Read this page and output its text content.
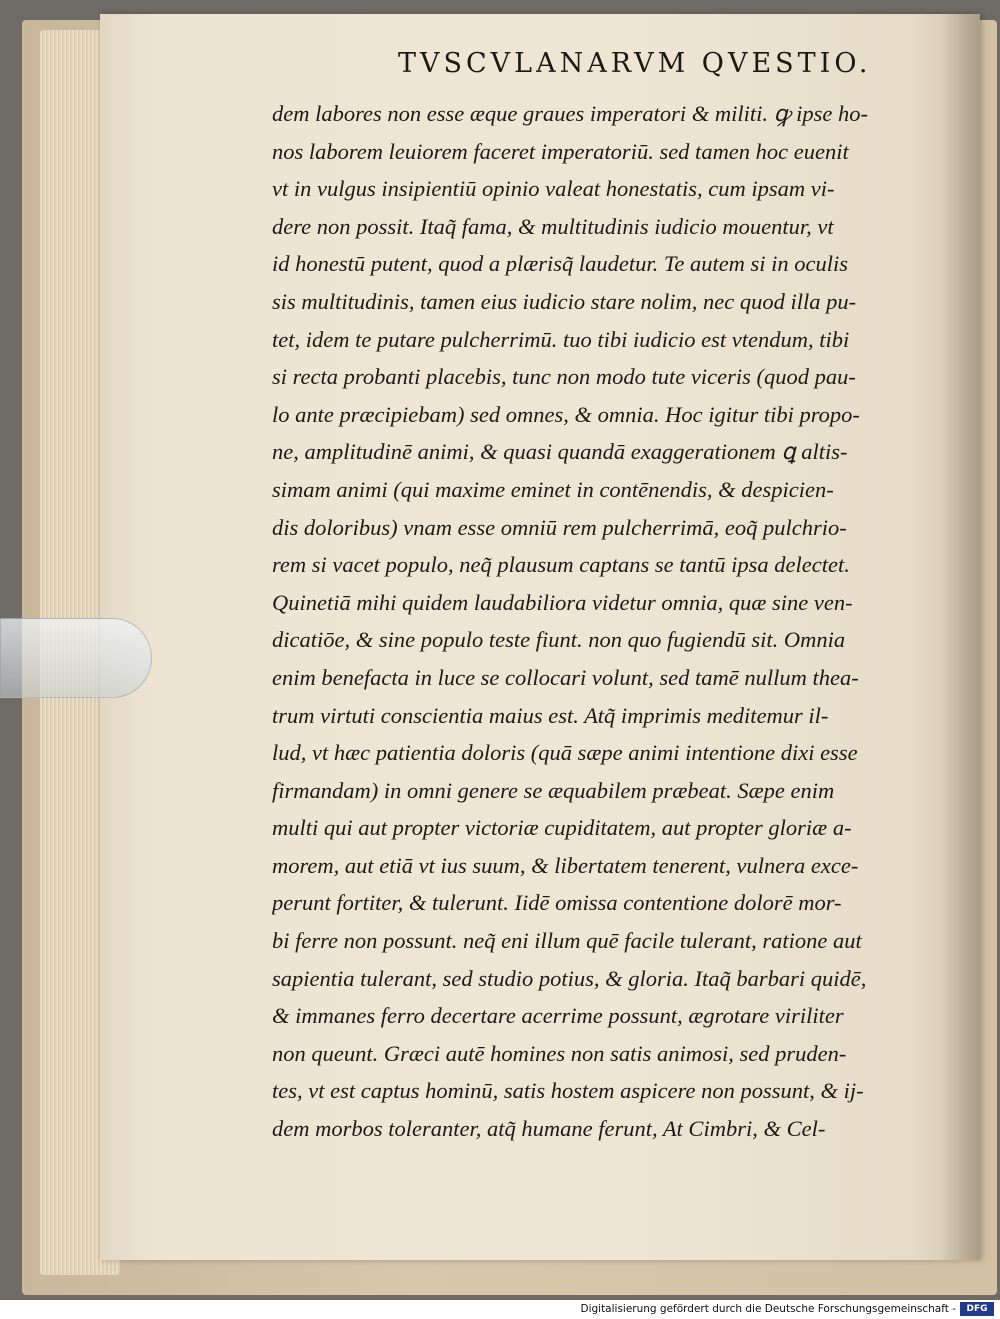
TVSCVLANARVM QVESTIO.
dem labores non esse æque graues imperatori & militi. ꝙ ipse ho-
nos laborem leuiorem faceret imperatoriū. sed tamen hoc euenit
vt in vulgus insipientiū opinio valeat honestatis, cum ipsam vi-
dere non possit. Itaq̃ fama, & multitudinis iudicio mouentur, vt
id honestū putent, quod a plærisq̃ laudetur. Te autem si in oculis
sis multitudinis, tamen eius iudicio stare nolim, nec quod illa pu-
tet, idem te putare pulcherrimū. tuo tibi iudicio est vtendum, tibi
si recta probanti placebis, tunc non modo tute viceris (quod pau-
lo ante præcipiebam) sed omnes, & omnia. Hoc igitur tibi propo-
ne, amplitudinē animi, & quasi quandā exaggerationem ꝗ altis-
simam animi (qui maxime eminet in contēnendis, & despicien-
dis doloribus) vnam esse omniū rem pulcherrimā, eoq̃ pulchrio-
rem si vacet populo, neq̃ plausum captans se tantū ipsa delectet.
Quinetiā mihi quidem laudabiliora videtur omnia, quæ sine ven-
dicatiōe, & sine populo teste fiunt. non quo fugiendū sit. Omnia
enim benefacta in luce se collocari volunt, sed tamē nullum thea-
trum virtuti conscientia maius est. Atq̃ imprimis meditemur il-
lud, vt hæc patientia doloris (quā sæpe animi intentione dixi esse
firmandam) in omni genere se æquabilem præbeat. Sæpe enim
multi qui aut propter victoriæ cupiditatem, aut propter gloriæ a-
morem, aut etiā vt ius suum, & libertatem tenerent, vulnera exce-
perunt fortiter, & tulerunt. Iidē omissa contentione dolorē mor-
bi ferre non possunt. neq̃ eni illum quē facile tulerant, ratione aut
sapientia tulerant, sed studio potius, & gloria. Itaq̃ barbari quidē,
& immanes ferro decertare acerrime possunt, ægrotare viriliter
non queunt. Græci autē homines non satis animosi, sed pruden-
tes, vt est captus hominū, satis hostem aspicere non possunt, & ij-
dem morbos toleranter, atq̃ humane ferunt, At Cimbri, & Cel-
Digitalisierung gefördert durch die Deutsche Forschungsgemeinschaft -	DFG
